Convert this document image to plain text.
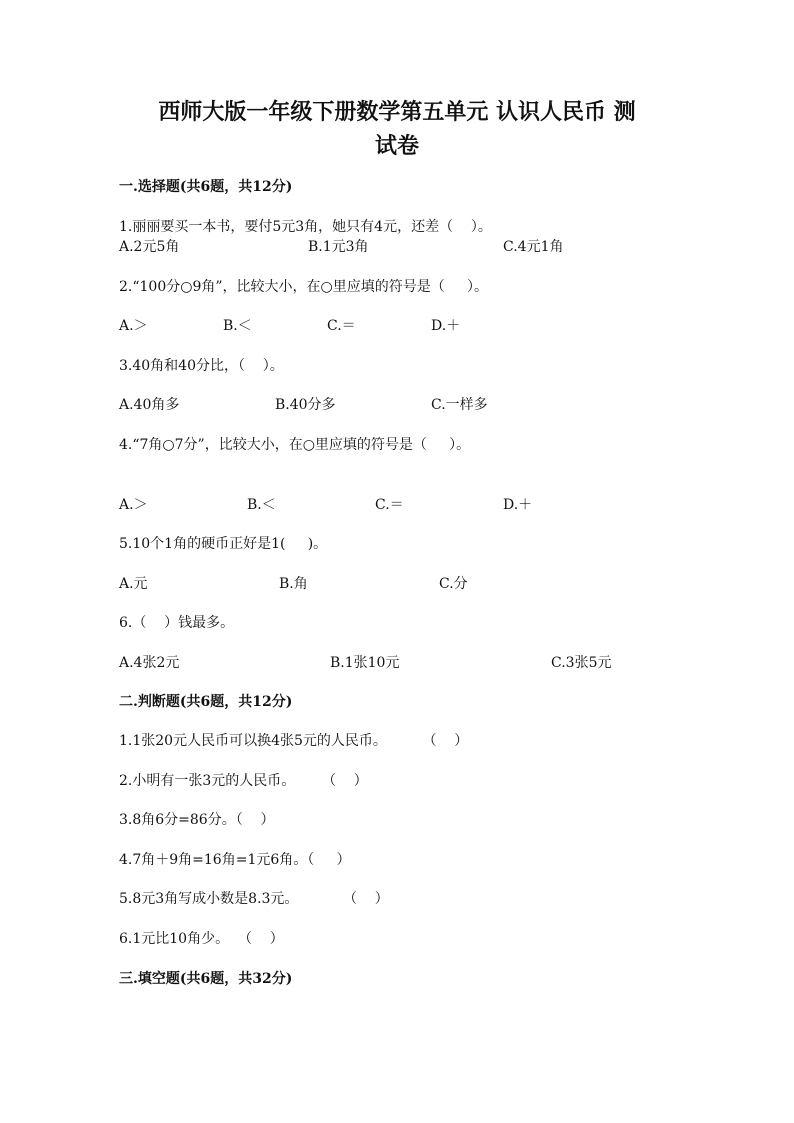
西师大版一年级下册数学第五单元 认识人民币 测
试卷
一.选择题(共6题，共12分)
1.丽丽要买一本书，要付5元3角，她只有4元，还差（    ）。
A.2元5角	B.1元3角	C.4元1角
2.“100分○9角”，比较大小，在○里应填的符号是（     ）。
A.＞	B.＜	C.＝	D.＋
3.40角和40分比，（    ）。
A.40角多	B.40分多	C.一样多
4.“7角○7分”，比较大小，在○里应填的符号是（     ）。
A.＞	B.＜	C.＝	D.＋
5.10个1角的硬币正好是1(     )。
A.元	B.角	C.分
6.（    ）钱最多。
A.4张2元	B.1张10元	C.3张5元
二.判断题(共6题，共12分)
1.1张20元人民币可以换4张5元的人民币。        （    ）
2.小明有一张3元的人民币。      （    ）
3.8角6分=86分。（    ）
4.7角＋9角=16角=1元6角。（     ）
5.8元3角写成小数是8.3元。          （    ）
6.1元比10角少。  （    ）
三.填空题(共6题，共32分)
